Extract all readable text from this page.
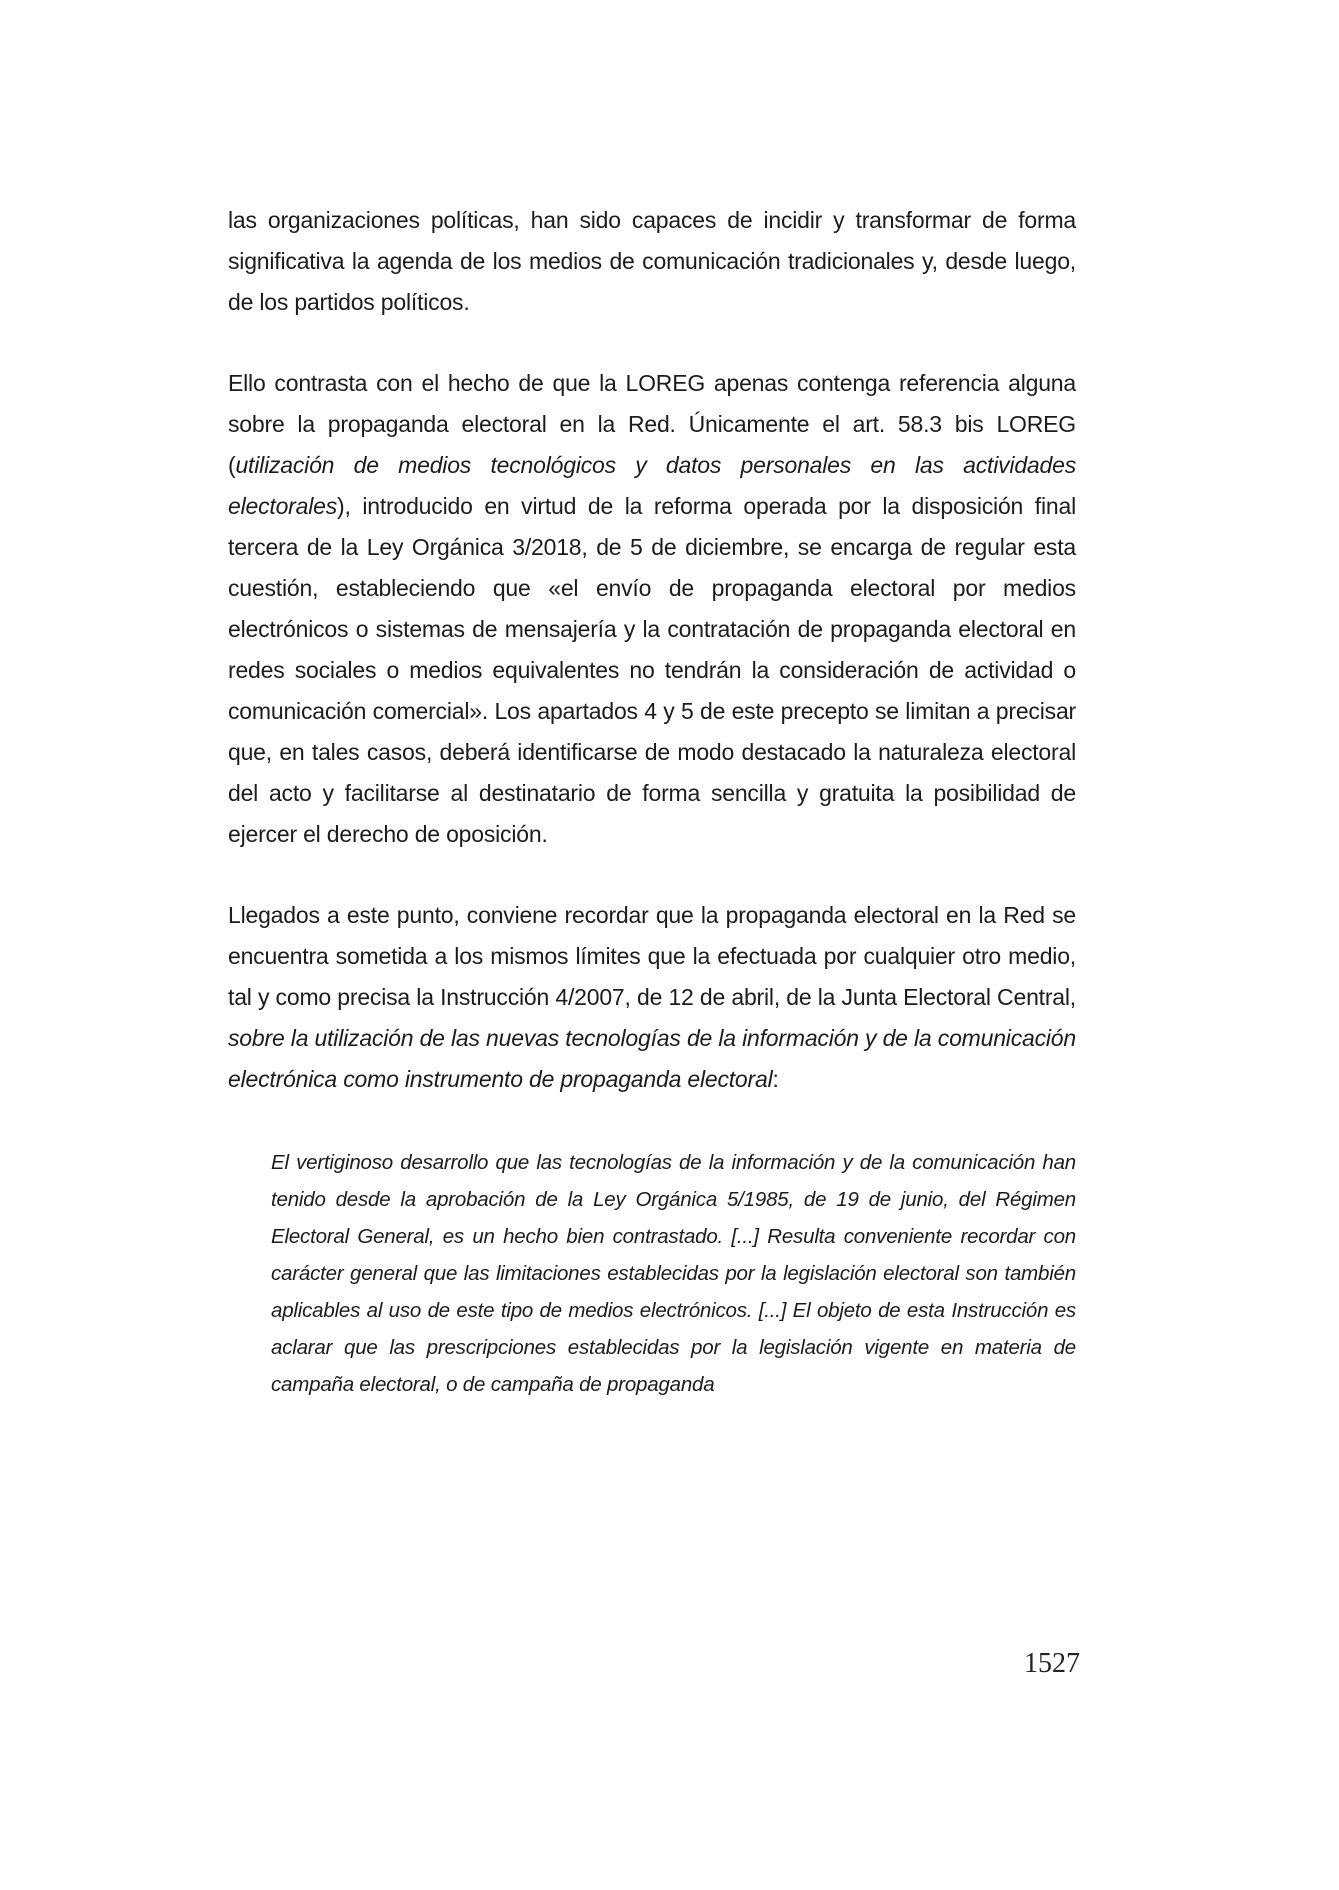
las organizaciones políticas, han sido capaces de incidir y transformar de forma significativa la agenda de los medios de comunicación tradicionales y, desde luego, de los partidos políticos.

Ello contrasta con el hecho de que la LOREG apenas contenga referencia alguna sobre la propaganda electoral en la Red. Únicamente el art. 58.3 bis LOREG (utilización de medios tecnológicos y datos personales en las actividades electorales), introducido en virtud de la reforma operada por la disposición final tercera de la Ley Orgánica 3/2018, de 5 de diciembre, se encarga de regular esta cuestión, estableciendo que «el envío de propaganda electoral por medios electrónicos o sistemas de mensajería y la contratación de propaganda electoral en redes sociales o medios equivalentes no tendrán la consideración de actividad o comunicación comercial». Los apartados 4 y 5 de este precepto se limitan a precisar que, en tales casos, deberá identificarse de modo destacado la naturaleza electoral del acto y facilitarse al destinatario de forma sencilla y gratuita la posibilidad de ejercer el derecho de oposición.

Llegados a este punto, conviene recordar que la propaganda electoral en la Red se encuentra sometida a los mismos límites que la efectuada por cualquier otro medio, tal y como precisa la Instrucción 4/2007, de 12 de abril, de la Junta Electoral Central, sobre la utilización de las nuevas tecnologías de la información y de la comunicación electrónica como instrumento de propaganda electoral:

El vertiginoso desarrollo que las tecnologías de la información y de la comunicación han tenido desde la aprobación de la Ley Orgánica 5/1985, de 19 de junio, del Régimen Electoral General, es un hecho bien contrastado. [...] Resulta conveniente recordar con carácter general que las limitaciones establecidas por la legislación electoral son también aplicables al uso de este tipo de medios electrónicos. [...] El objeto de esta Instrucción es aclarar que las prescripciones establecidas por la legislación vigente en materia de campaña electoral, o de campaña de propaganda

1527
